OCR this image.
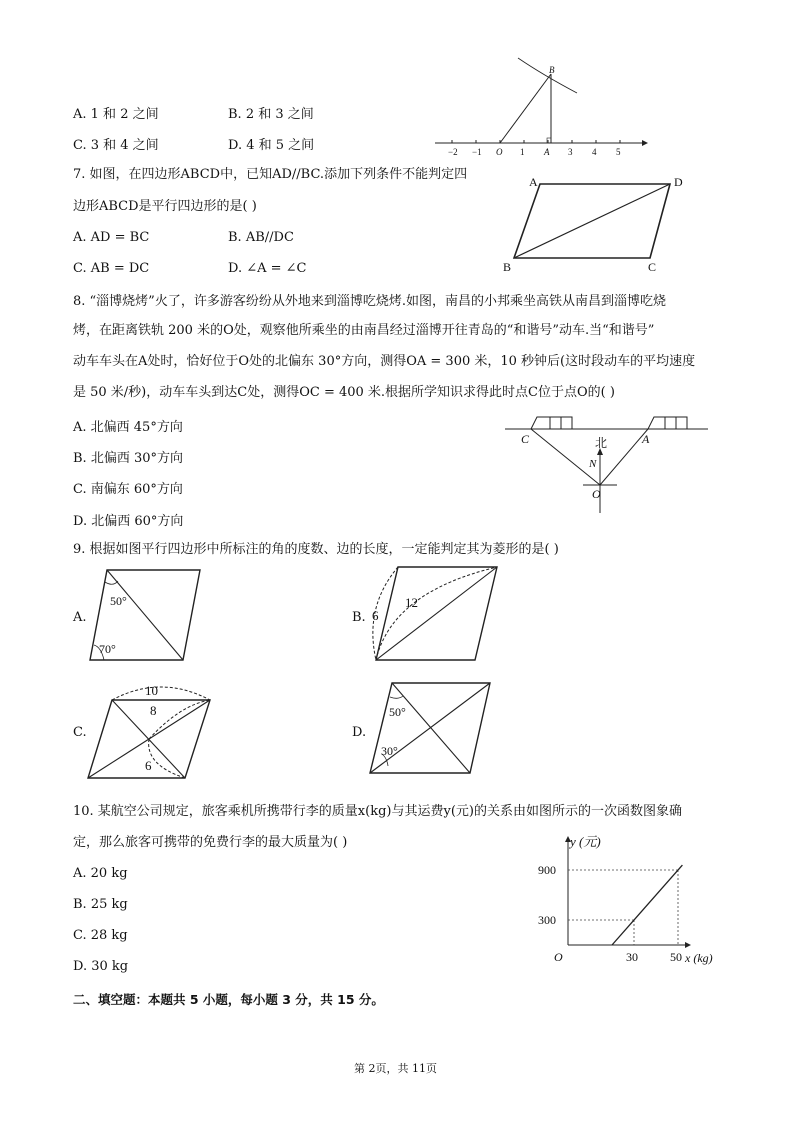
A. 1 和 2 之间	B. 2 和 3 之间
C. 3 和 4 之间	D. 4 和 5 之间	−2 −1 O 1 A 3 4 5
B
7. 如图，在四边形ABCD中，已知AD//BC.添加下列条件不能判定四
边形ABCD是平行四边形的是( )
A. AD = BC	B. AB//DC
C. AB = DC	D. ∠A = ∠C
A	D
B	C
8. “淄博烧烤”火了，许多游客纷纷从外地来到淄博吃烧烤.如图，南昌的小邦乘坐高铁从南昌到淄博吃烧
烤，在距离铁轨 200 米的O处，观察他所乘坐的由南昌经过淄博开往青岛的“和谐号”动车.当“和谐号”
动车车头在A处时，恰好位于O处的北偏东 30°方向，测得OA = 300 米，10 秒钟后(这时段动车的平均速度
是 50 米/秒)，动车车头到达C处，测得OC = 400 米.根据所学知识求得此时点C位于点O的( )
A. 北偏西 45°方向
B. 北偏西 30°方向
C. 南偏东 60°方向
D. 北偏西 60°方向
C	A
北
N
O
9. 根据如图平行四边形中所标注的角的度数、边的长度，一定能判定其为菱形的是( )
A.
50°
70°
B. 6
12
C.
10
8
6
D.
50°
30°
10. 某航空公司规定，旅客乘机所携带行李的质量x(kg)与其运费y(元)的关系由如图所示的一次函数图象确
定，那么旅客可携带的免费行李的最大质量为( )
A. 20 kg
B. 25 kg
C. 28 kg
D. 30 kg
y (元)
x (kg)
O	30	50
300
900
二、填空题：本题共 5 小题，每小题 3 分，共 15 分。
第 2页，共 11页
